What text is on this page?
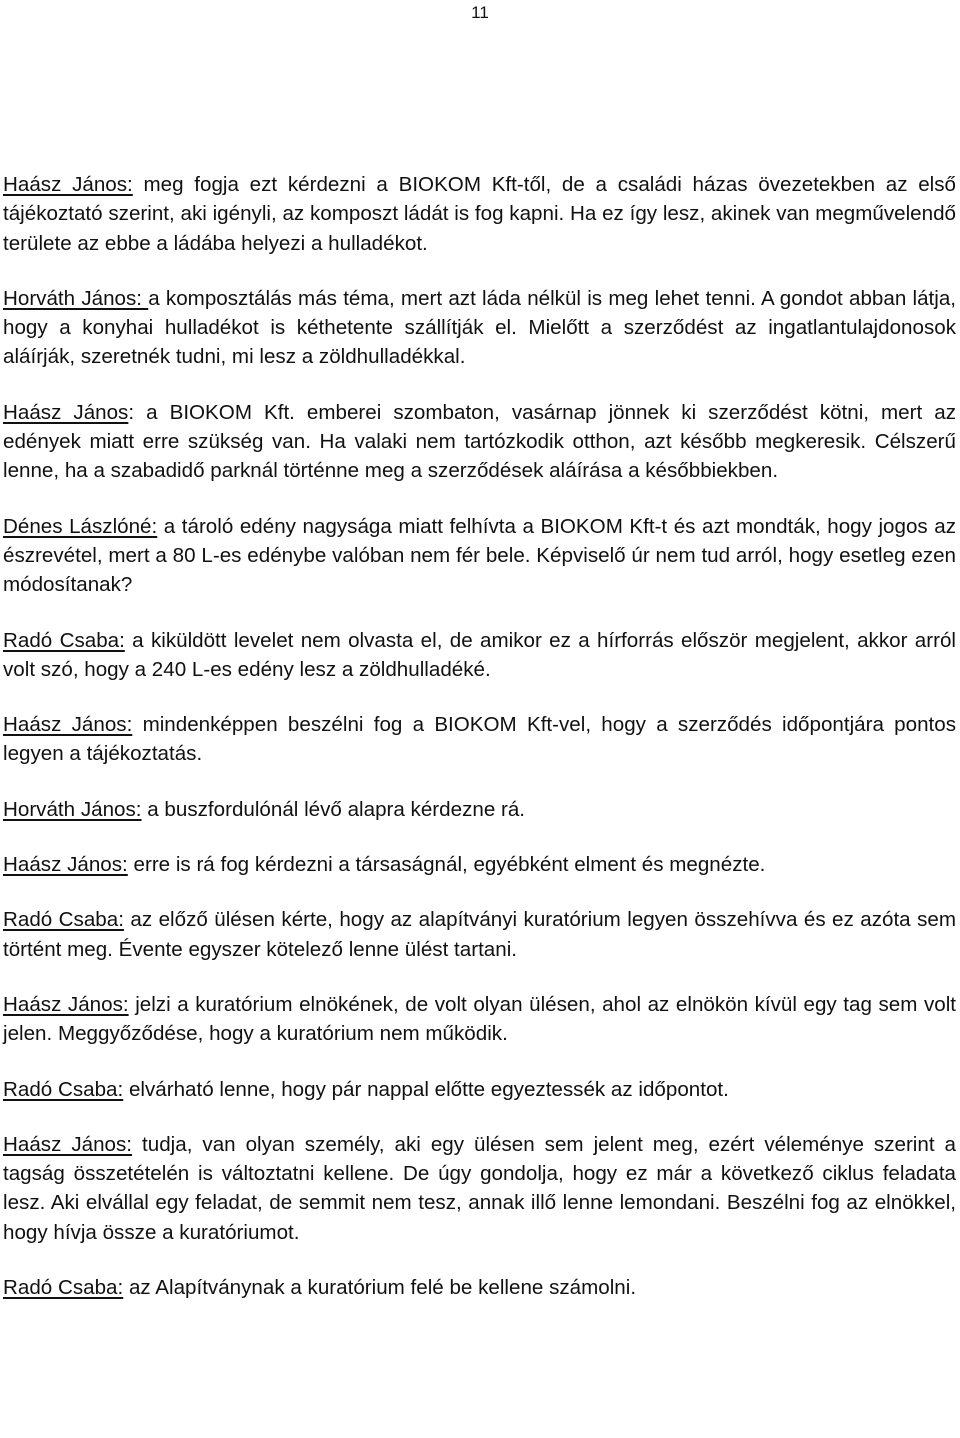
11

Haász János: meg fogja ezt kérdezni a BIOKOM Kft-től, de a családi házas övezetekben az első tájékoztató szerint, aki igényli, az komposzt ládát is fog kapni. Ha ez így lesz, akinek van megművelendő területe az ebbe a ládába helyezi a hulladékot.

Horváth János: a komposztálás más téma, mert azt láda nélkül is meg lehet tenni. A gondot abban látja, hogy a konyhai hulladékot is kéthetente szállítják el. Mielőtt a szerződést az ingatlantulajdonosok aláírják, szeretnék tudni, mi lesz a zöldhulladékkal.

Haász János: a BIOKOM Kft. emberei szombaton, vasárnap jönnek ki szerződést kötni, mert az edények miatt erre szükség van. Ha valaki nem tartózkodik otthon, azt később megkeresik. Célszerű lenne, ha a szabadidő parknál történne meg a szerződések aláírása a későbbiekben.

Dénes Lászlóné: a tároló edény nagysága miatt felhívta a BIOKOM Kft-t és azt mondták, hogy jogos az észrevétel, mert a 80 L-es edénybe valóban nem fér bele. Képviselő úr nem tud arról, hogy esetleg ezen módosítanak?

Radó Csaba: a kiküldött levelet nem olvasta el, de amikor ez a hírforrás először megjelent, akkor arról volt szó, hogy a 240 L-es edény lesz a zöldhulladéké.

Haász János: mindenképpen beszélni fog a BIOKOM Kft-vel, hogy a szerződés időpontjára pontos legyen a tájékoztatás.

Horváth János: a buszfordulónál lévő alapra kérdezne rá.

Haász János: erre is rá fog kérdezni a társaságnál, egyébként elment és megnézte.

Radó Csaba: az előző ülésen kérte, hogy az alapítványi kuratórium legyen összehívva és ez azóta sem történt meg. Évente egyszer kötelező lenne ülést tartani.

Haász János: jelzi a kuratórium elnökének, de volt olyan ülésen, ahol az elnökön kívül egy tag sem volt jelen. Meggyőződése, hogy a kuratórium nem működik.

Radó Csaba: elvárható lenne, hogy pár nappal előtte egyeztessék az időpontot.

Haász János: tudja, van olyan személy, aki egy ülésen sem jelent meg, ezért véleménye szerint a tagság összetételén is változtatni kellene. De úgy gondolja, hogy ez már a következő ciklus feladata lesz. Aki elvállal egy feladat, de semmit nem tesz, annak illő lenne lemondani. Beszélni fog az elnökkel, hogy hívja össze a kuratóriumot.

Radó Csaba: az Alapítványnak a kuratórium felé be kellene számolni.
